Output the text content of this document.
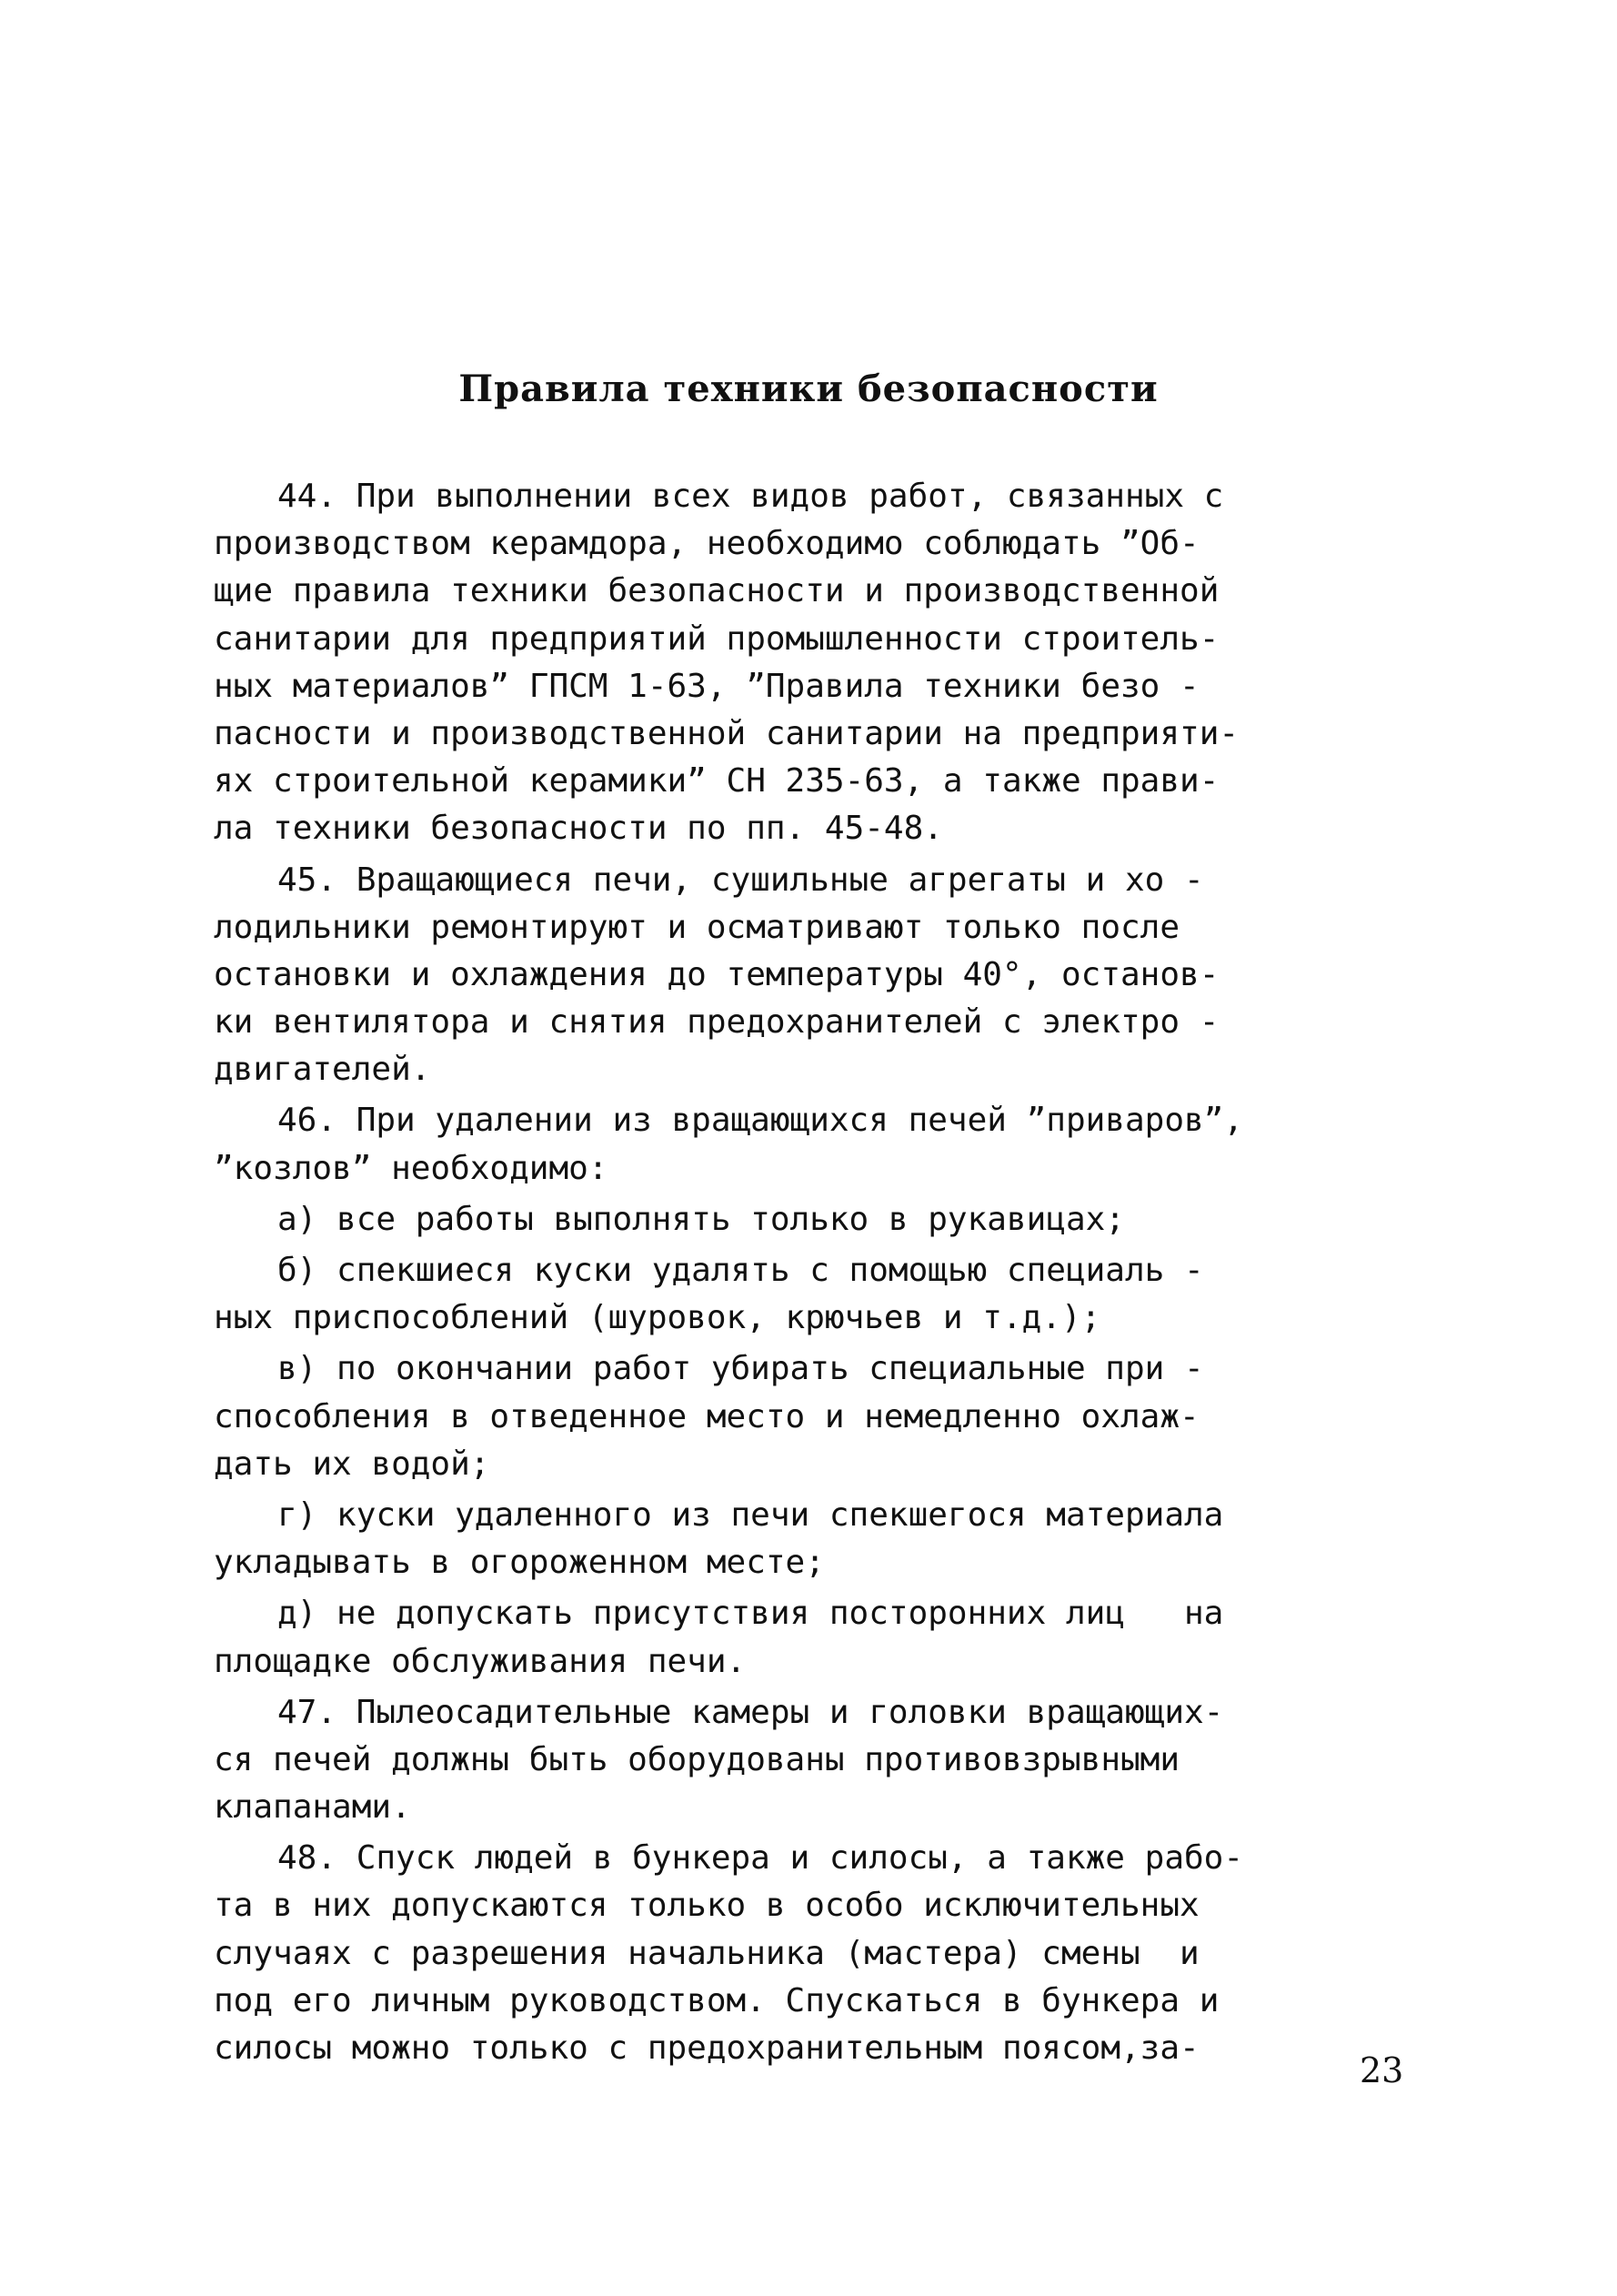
Правила техники безопасности
44. При выполнении всех видов работ, связанных с
производством керамдора, необходимо соблюдать ”Об-
щие правила техники безопасности и производственной
санитарии для предприятий промышленности строитель-
ных материалов” ГПСМ 1-63, ”Правила техники безо -
пасности и производственной санитарии на предприяти-
ях строительной керамики” СН 235-63, а также прави-
ла техники безопасности по пп. 45-48.
45. Вращающиеся печи, сушильные агрегаты и хо -
лодильники ремонтируют и осматривают только после
остановки и охлаждения до температуры 40°, останов-
ки вентилятора и снятия предохранителей с электро -
двигателей.
46. При удалении из вращающихся печей ”приваров”,
”козлов” необходимо:
а) все работы выполнять только в рукавицах;
б) спекшиеся куски удалять с помощью специаль -
ных приспособлений (шуровок, крючьев и т.д.);
в) по окончании работ убирать специальные при -
способления в отведенное место и немедленно охлаж-
дать их водой;
г) куски удаленного из печи спекшегося материала
укладывать в огороженном месте;
д) не допускать присутствия посторонних лиц   на
площадке обслуживания печи.
47. Пылеосадительные камеры и головки вращающих-
ся печей должны быть оборудованы противовзрывными
клапанами.
48. Спуск людей в бункера и силосы, а также рабо-
та в них допускаются только в особо исключительных
случаях с разрешения начальника (мастера) смены  и
под его личным руководством. Спускаться в бункера и
силосы можно только с предохранительным поясом,за-
23
